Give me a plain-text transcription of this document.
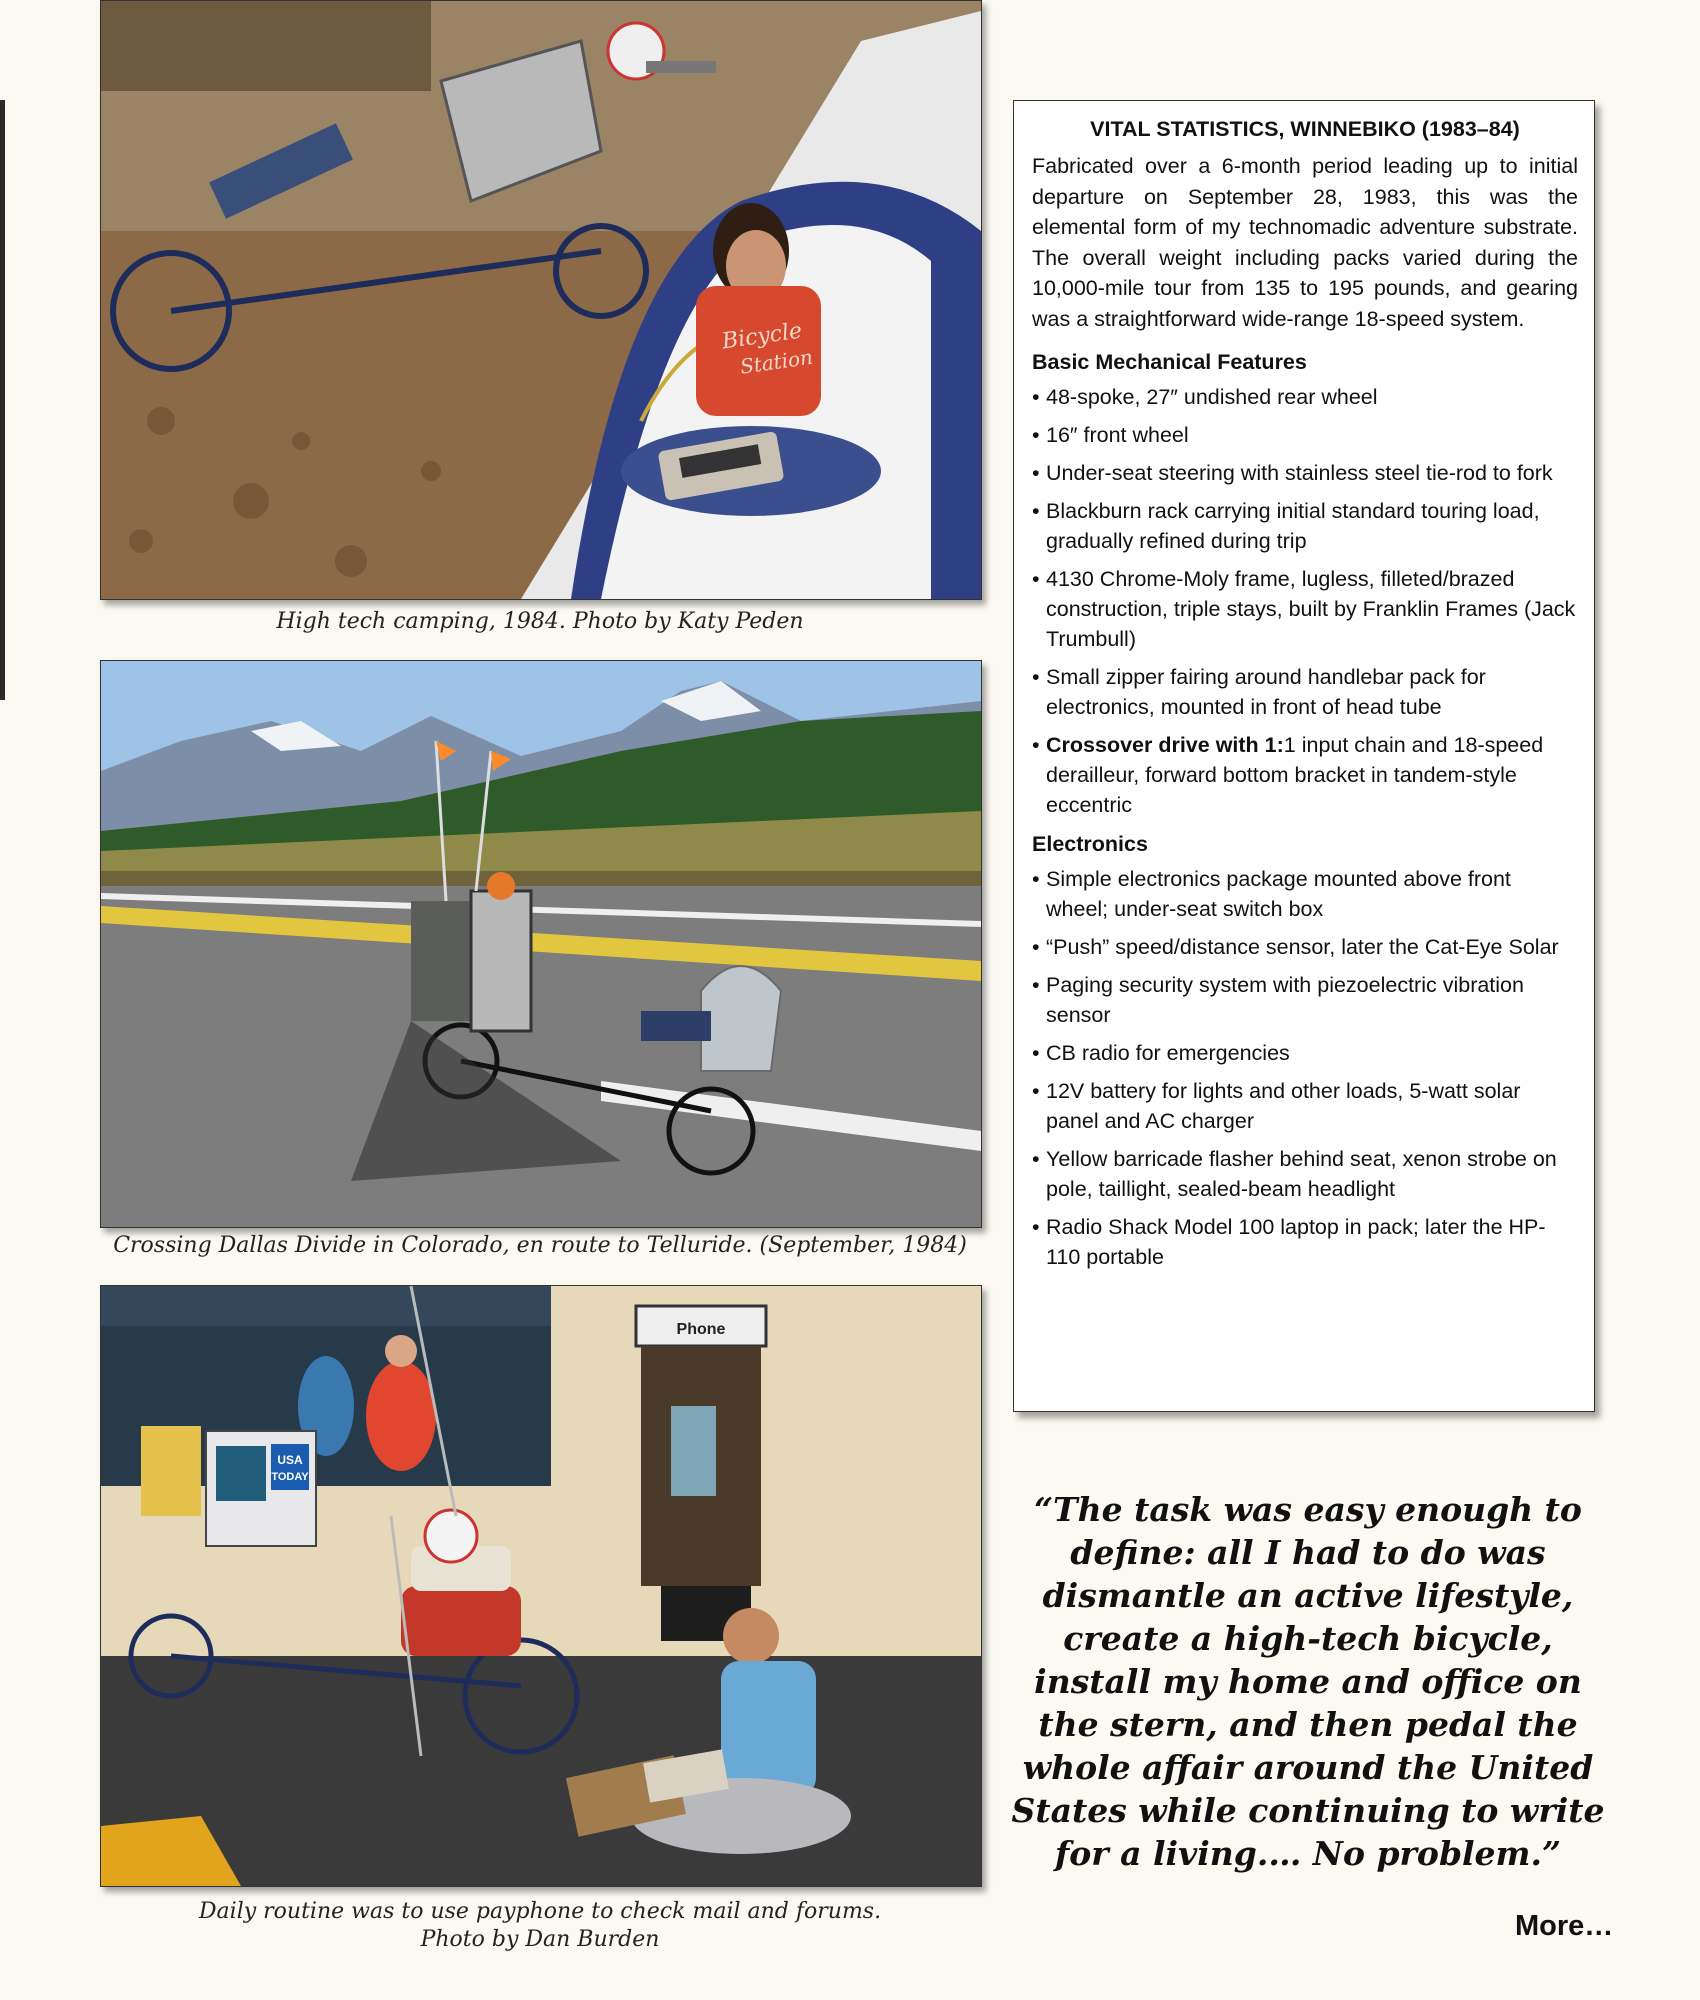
Bicycle
Station
High tech camping, 1984. Photo by Katy Peden
Crossing Dallas Divide in Colorado, en route to Telluride. (September, 1984)
Phone
USA
TODAY
Daily routine was to use payphone to check mail and forums.
Photo by Dan Burden
VITAL STATISTICS, WINNEBIKO (1983–84)
Fabricated over a 6-month period leading up to initial departure on September 28, 1983, this was the elemental form of my technomadic adventure substrate. The overall weight including packs varied during the 10,000-mile tour from 135 to 195 pounds, and gearing was a straightforward wide-range 18-speed system.
Basic Mechanical Features
• 48-spoke, 27″ undished rear wheel
• 16″ front wheel
• Under-seat steering with stainless steel tie-rod to fork
• Blackburn rack carrying initial standard touring load, gradually refined during trip
• 4130 Chrome-Moly frame, lugless, filleted/brazed construction, triple stays, built by Franklin Frames (Jack Trumbull)
• Small zipper fairing around handlebar pack for electronics, mounted in front of head tube
• Crossover drive with 1:1 input chain and 18-speed derailleur, forward bottom bracket in tandem-style eccentric
Electronics
• Simple electronics package mounted above front wheel; under-seat switch box
• “Push” speed/distance sensor, later the Cat-Eye Solar
• Paging security system with piezoelectric vibration sensor
• CB radio for emergencies
• 12V battery for lights and other loads, 5-watt solar panel and AC charger
• Yellow barricade flasher behind seat, xenon strobe on pole, taillight, sealed-beam headlight
• Radio Shack Model 100 laptop in pack; later the HP-110 portable
“The task was easy enough to define: all I had to do was dismantle an active lifestyle, create a high-tech bicycle, install my home and office on the stern, and then pedal the whole affair around the United States while continuing to write for a living.… No problem.”
More…
